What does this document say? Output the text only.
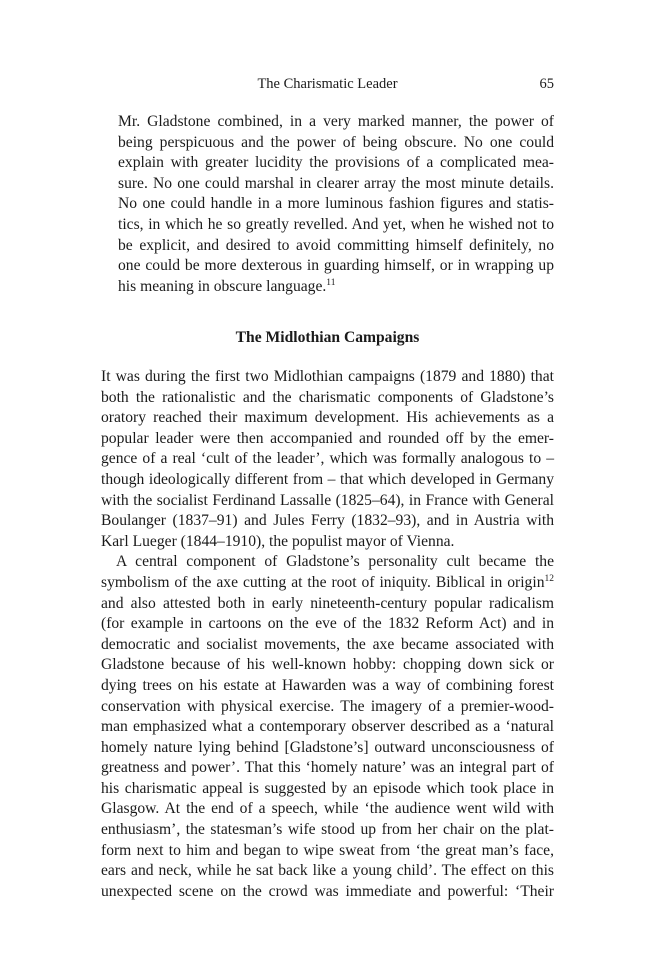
The Charismatic Leader	65
Mr. Gladstone combined, in a very marked manner, the power of
being perspicuous and the power of being obscure. No one could
explain with greater lucidity the provisions of a complicated mea-
sure. No one could marshal in clearer array the most minute details.
No one could handle in a more luminous fashion figures and statis-
tics, in which he so greatly revelled. And yet, when he wished not to
be explicit, and desired to avoid committing himself definitely, no
one could be more dexterous in guarding himself, or in wrapping up
his meaning in obscure language.$^{11}$
The Midlothian Campaigns
It was during the first two Midlothian campaigns (1879 and 1880) that
both the rationalistic and the charismatic components of Gladstone’s
oratory reached their maximum development. His achievements as a
popular leader were then accompanied and rounded off by the emer-
gence of a real ‘cult of the leader’, which was formally analogous to –
though ideologically different from – that which developed in Germany
with the socialist Ferdinand Lassalle (1825–64), in France with General
Boulanger (1837–91) and Jules Ferry (1832–93), and in Austria with
Karl Lueger (1844–1910), the populist mayor of Vienna.
A central component of Gladstone’s personality cult became the
symbolism of the axe cutting at the root of iniquity. Biblical in origin$^{12}$
and also attested both in early nineteenth-century popular radicalism
(for example in cartoons on the eve of the 1832 Reform Act) and in
democratic and socialist movements, the axe became associated with
Gladstone because of his well-known hobby: chopping down sick or
dying trees on his estate at Hawarden was a way of combining forest
conservation with physical exercise. The imagery of a premier-wood-
man emphasized what a contemporary observer described as a ‘natural
homely nature lying behind [Gladstone’s] outward unconsciousness of
greatness and power’. That this ‘homely nature’ was an integral part of
his charismatic appeal is suggested by an episode which took place in
Glasgow. At the end of a speech, while ‘the audience went wild with
enthusiasm’, the statesman’s wife stood up from her chair on the plat-
form next to him and began to wipe sweat from ‘the great man’s face,
ears and neck, while he sat back like a young child’. The effect on this
unexpected scene on the crowd was immediate and powerful: ‘Their
